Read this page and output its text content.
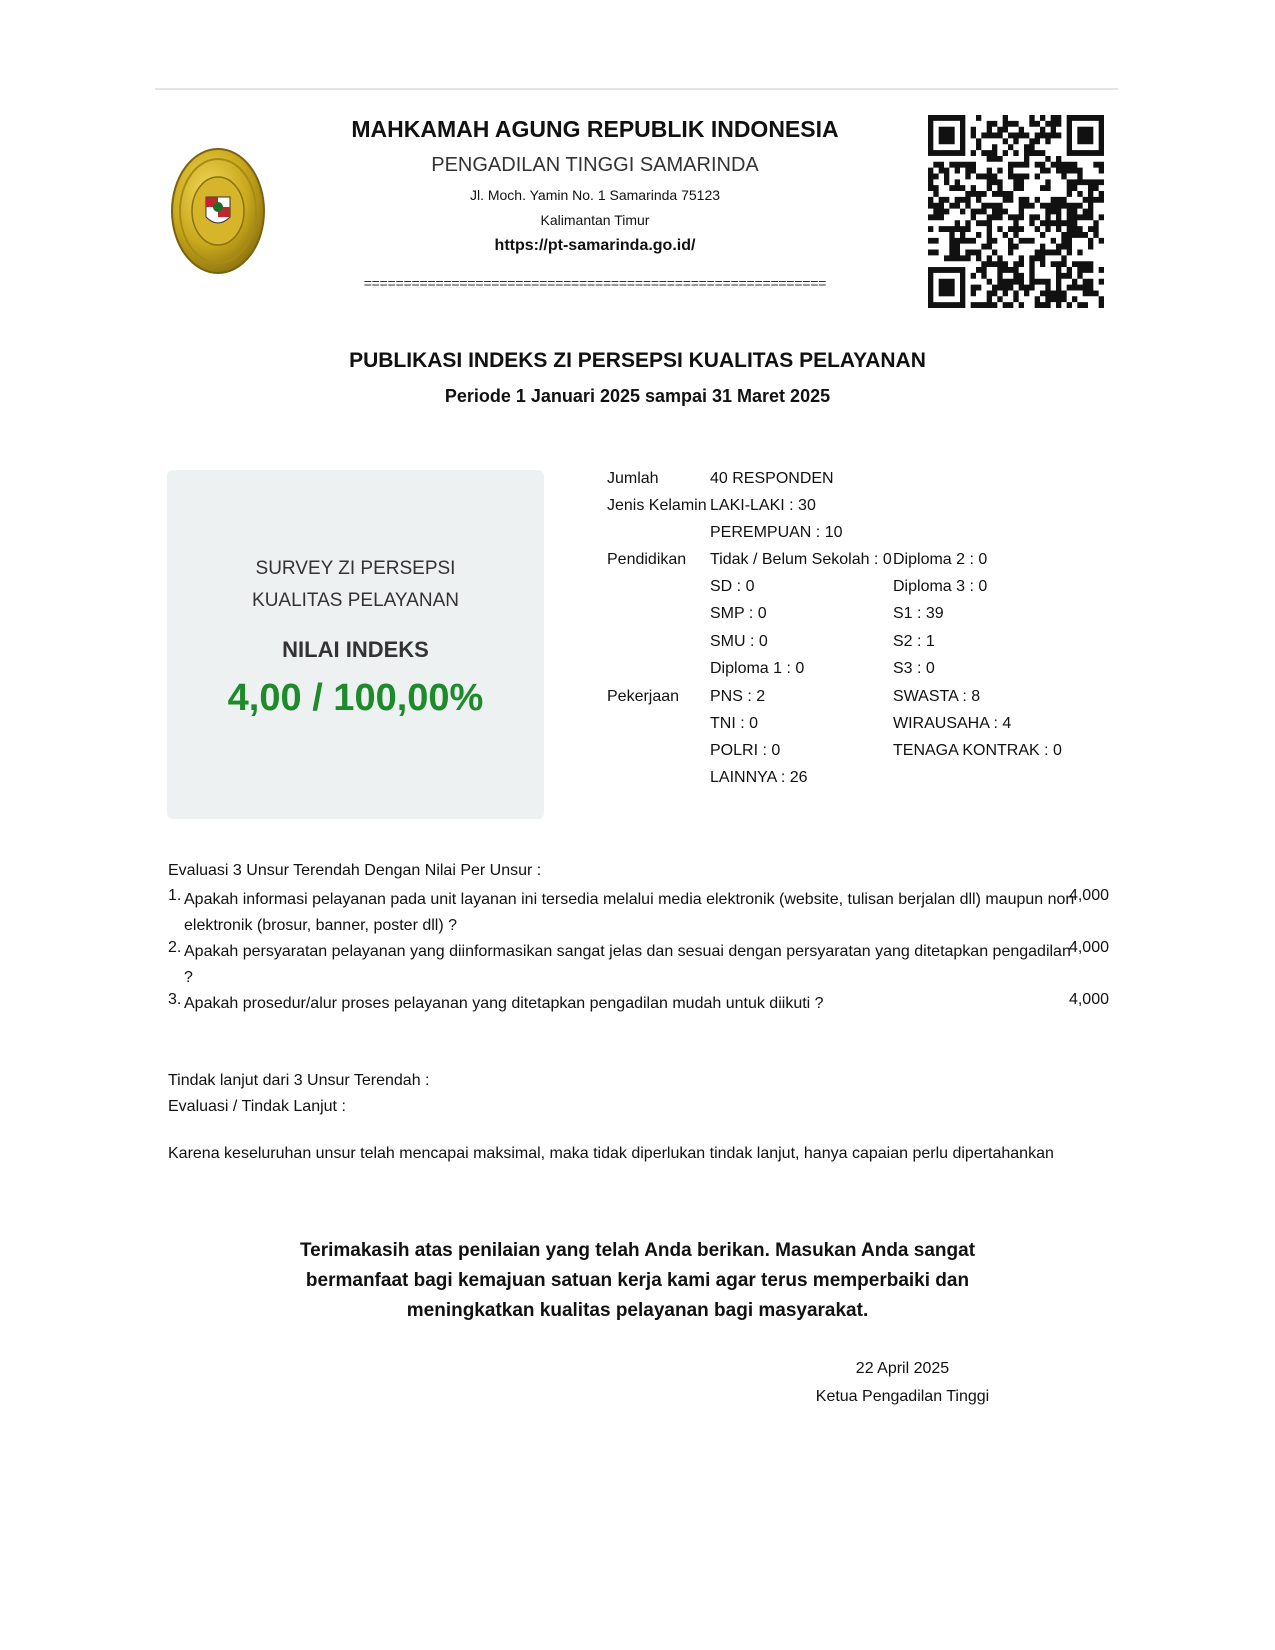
MAHKAMAH AGUNG REPUBLIK INDONESIA
PENGADILAN TINGGI SAMARINDA
Jl. Moch. Yamin No. 1 Samarinda 75123
Kalimantan Timur
https://pt-samarinda.go.id/
==========================================================
PUBLIKASI INDEKS ZI PERSEPSI KUALITAS PELAYANAN
Periode 1 Januari 2025 sampai 31 Maret 2025
SURVEY ZI PERSEPSI
KUALITAS PELAYANAN
NILAI INDEKS
4,00 / 100,00%
Jumlah	40 RESPONDEN
Jenis Kelamin LAKI-LAKI : 30
PEREMPUAN : 10
Pendidikan Tidak / Belum Sekolah : 0
SD : 0
SMP : 0
SMU : 0
Diploma 1 : 0
Diploma 2 : 0
Diploma 3 : 0
S1 : 39
S2 : 1
S3 : 0
Pekerjaan PNS : 2
TNI : 0
POLRI : 0
LAINNYA : 26
SWASTA : 8
WIRAUSAHA : 4
TENAGA KONTRAK : 0
Evaluasi 3 Unsur Terendah Dengan Nilai Per Unsur :
1. Apakah informasi pelayanan pada unit layanan ini tersedia melalui media elektronik (website, tulisan berjalan dll) maupun non elektronik (brosur, banner, poster dll) ?
4,000
2. Apakah persyaratan pelayanan yang diinformasikan sangat jelas dan sesuai dengan persyaratan yang ditetapkan pengadilan ?
4,000
3. Apakah prosedur/alur proses pelayanan yang ditetapkan pengadilan mudah untuk diikuti ?	4,000
Tindak lanjut dari 3 Unsur Terendah :
Evaluasi / Tindak Lanjut :
Karena keseluruhan unsur telah mencapai maksimal, maka tidak diperlukan tindak lanjut, hanya capaian perlu dipertahankan
Terimakasih atas penilaian yang telah Anda berikan. Masukan Anda sangat bermanfaat bagi kemajuan satuan kerja kami agar terus memperbaiki dan meningkatkan kualitas pelayanan bagi masyarakat.
22 April 2025
Ketua Pengadilan Tinggi
